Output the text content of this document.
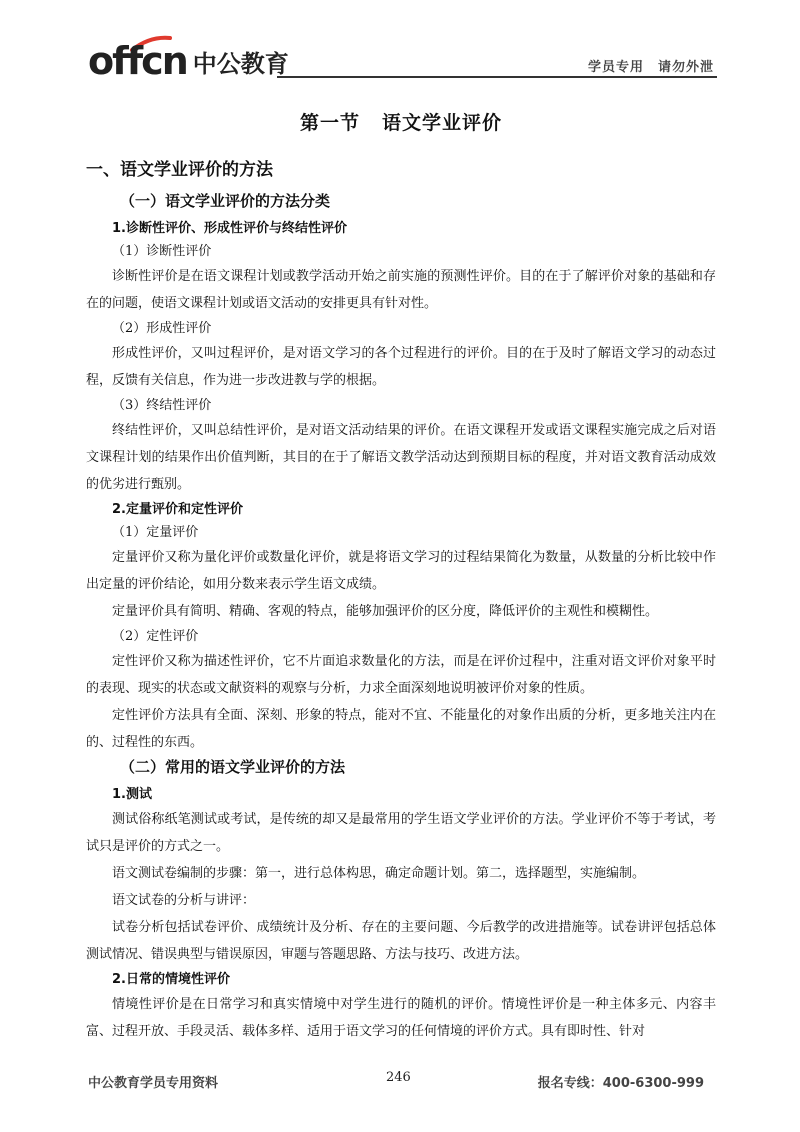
offcn 中公教育	学员专用 请勿外泄
第一节 语文学业评价
一、语文学业评价的方法
（一）语文学业评价的方法分类
1.诊断性评价、形成性评价与终结性评价
（1）诊断性评价

诊断性评价是在语文课程计划或教学活动开始之前实施的预测性评价。目的在于了解评价对象的基础和存在的问题，使语文课程计划或语文活动的安排更具有针对性。

（2）形成性评价

形成性评价，又叫过程评价，是对语文学习的各个过程进行的评价。目的在于及时了解语文学习的动态过程，反馈有关信息，作为进一步改进教与学的根据。

（3）终结性评价

终结性评价，又叫总结性评价，是对语文活动结果的评价。在语文课程开发或语文课程实施完成之后对语文课程计划的结果作出价值判断，其目的在于了解语文教学活动达到预期目标的程度，并对语文教育活动成效的优劣进行甄别。

2.定量评价和定性评价
（1）定量评价

定量评价又称为量化评价或数量化评价，就是将语文学习的过程结果简化为数量，从数量的分析比较中作出定量的评价结论，如用分数来表示学生语文成绩。

定量评价具有简明、精确、客观的特点，能够加强评价的区分度，降低评价的主观性和模糊性。

（2）定性评价

定性评价又称为描述性评价，它不片面追求数量化的方法，而是在评价过程中，注重对语文评价对象平时的表现、现实的状态或文献资料的观察与分析，力求全面深刻地说明被评价对象的性质。

定性评价方法具有全面、深刻、形象的特点，能对不宜、不能量化的对象作出质的分析，更多地关注内在的、过程性的东西。

（二）常用的语文学业评价的方法
1.测试

测试俗称纸笔测试或考试，是传统的却又是最常用的学生语文学业评价的方法。学业评价不等于考试，考试只是评价的方式之一。

语文测试卷编制的步骤：第一，进行总体构思，确定命题计划。第二，选择题型，实施编制。

语文试卷的分析与讲评：

试卷分析包括试卷评价、成绩统计及分析、存在的主要问题、今后教学的改进措施等。试卷讲评包括总体测试情况、错误典型与错误原因，审题与答题思路、方法与技巧、改进方法。

2.日常的情境性评价

情境性评价是在日常学习和真实情境中对学生进行的随机的评价。情境性评价是一种主体多元、内容丰富、过程开放、手段灵活、载体多样、适用于语文学习的任何情境的评价方式。具有即时性、针对

中公教育学员专用资料	246	报名专线：400-6300-999
